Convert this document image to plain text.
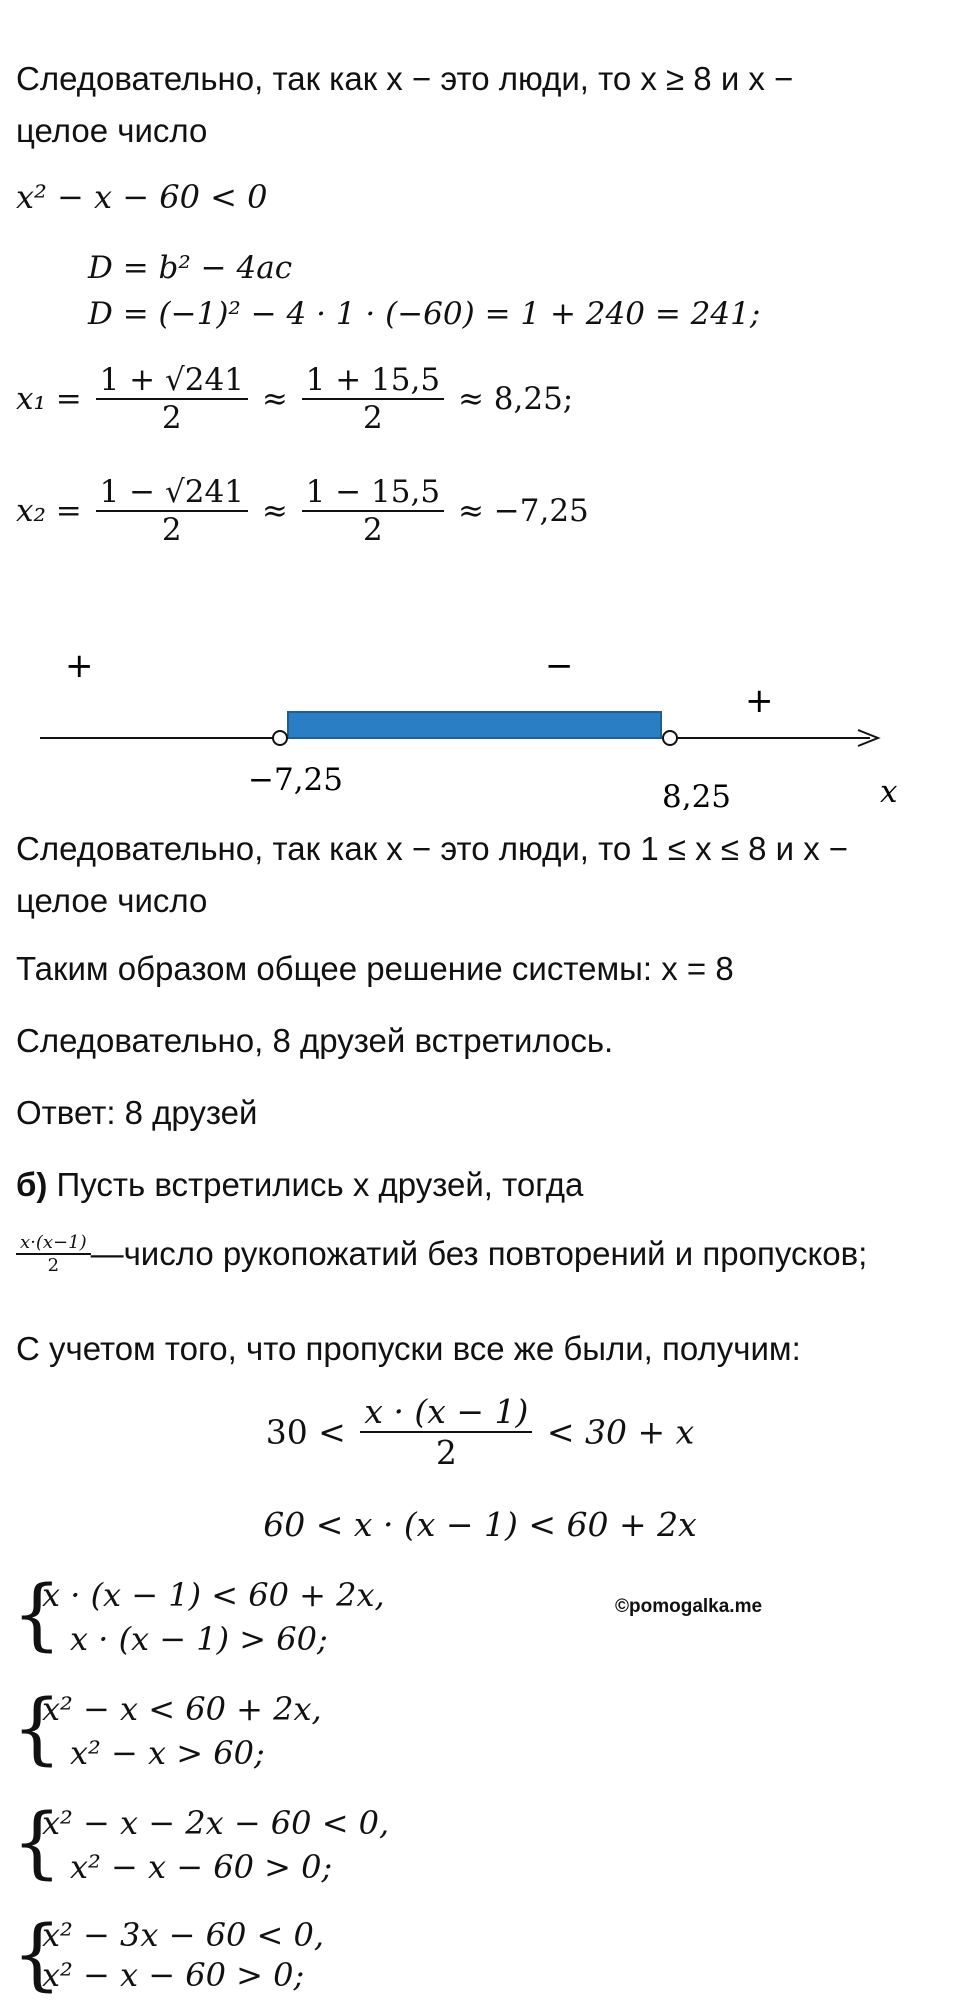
Следовательно, так как x − это люди, то x ≥ 8 и x −
целое число
x² − x − 60 < 0
D = b² − 4ac
D = (−1)² − 4 · 1 · (−60) = 1 + 240 = 241;
$x_1 = \frac{1 + √241}{2} \approx \frac{1 + 15,5}{2} \approx 8,25$;
$x_2 = \frac{1 - √241}{2} \approx \frac{1 - 15,5}{2} \approx -7,25$
+	−
+
−7,25	8,25	x
Следовательно, так как x − это люди, то 1 ≤ x ≤ 8 и x −
целое число
Таким образом общее решение системы: x = 8
Следовательно, 8 друзей встретилось.
Ответ: 8 друзей
б) Пусть встретились x друзей, тогда
$\frac{x\cdot(x-1)}{2}$ —число рукопожатий без повторений и пропусков;
С учетом того, что пропуски все же были, получим:
$30 < \frac{x \cdot (x - 1)}{2} < 30 + x$
60 < x · (x − 1) < 60 + 2x
{
x · (x − 1) < 60 + 2x,
x · (x − 1) > 60;
©pomogalka.me
{
x² − x < 60 + 2x,
x² − x > 60;
{
x² − x − 2x − 60 < 0,
x² − x − 60 > 0;
{
x² − 3x − 60 < 0,
x² − x − 60 > 0;
